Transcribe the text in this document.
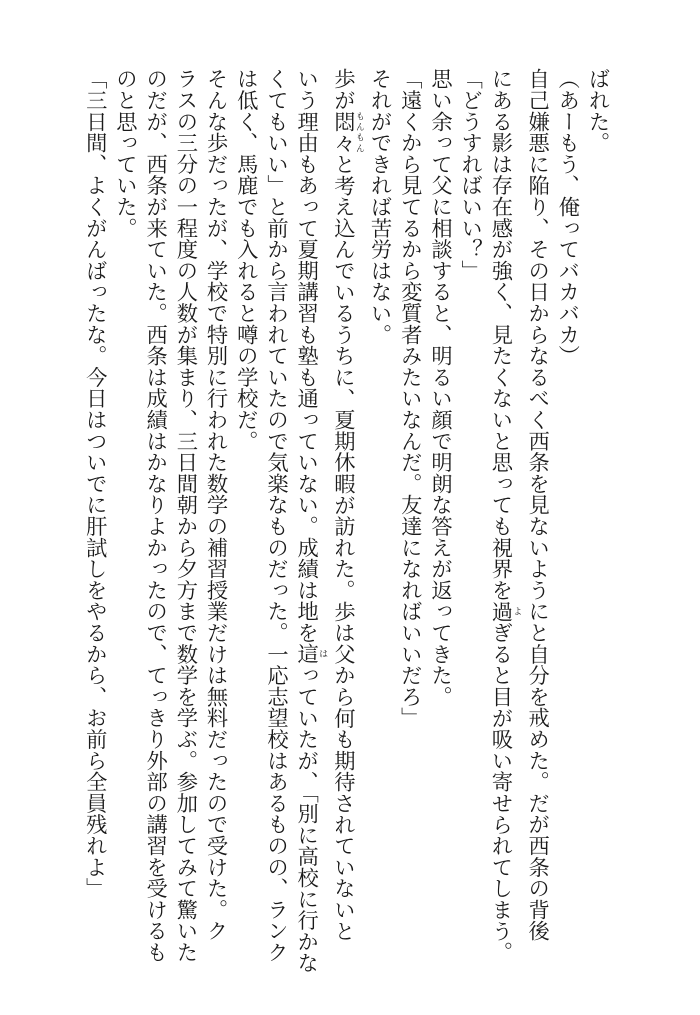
ばれた。
（あーもう、俺ってバカバカ）
自己嫌悪に陥り、その日からなるべく西条を見ないようにと自分を戒めた。だが西条の背後
にある影は存在感が強く、見たくないと思っても視界を過よぎると目が吸い寄せられてしまう。
「どうすればいい？」
思い余って父に相談すると、明るい顔で明朗な答えが返ってきた。
「遠くから見てるから変質者みたいなんだ。友達になればいいだろ」
それができれば苦労はない。
歩が悶々もんもんと考え込んでいるうちに、夏期休暇が訪れた。歩は父から何も期待されていないと
いう理由もあって夏期講習も塾も通っていない。成績は地を這はっていたが、「別に高校に行かな
くてもいい」と前から言われていたので気楽なものだった。一応志望校はあるものの、ランク
は低く、馬鹿でも入れると噂の学校だ。
そんな歩だったが、学校で特別に行われた数学の補習授業だけは無料だったので受けた。ク
ラスの三分の一程度の人数が集まり、三日間朝から夕方まで数学を学ぶ。参加してみて驚いた
のだが、西条が来ていた。西条は成績はかなりよかったので、てっきり外部の講習を受けるも
のと思っていた。
「三日間、よくがんばったな。今日はついでに肝試しをやるから、お前ら全員残れよ」
